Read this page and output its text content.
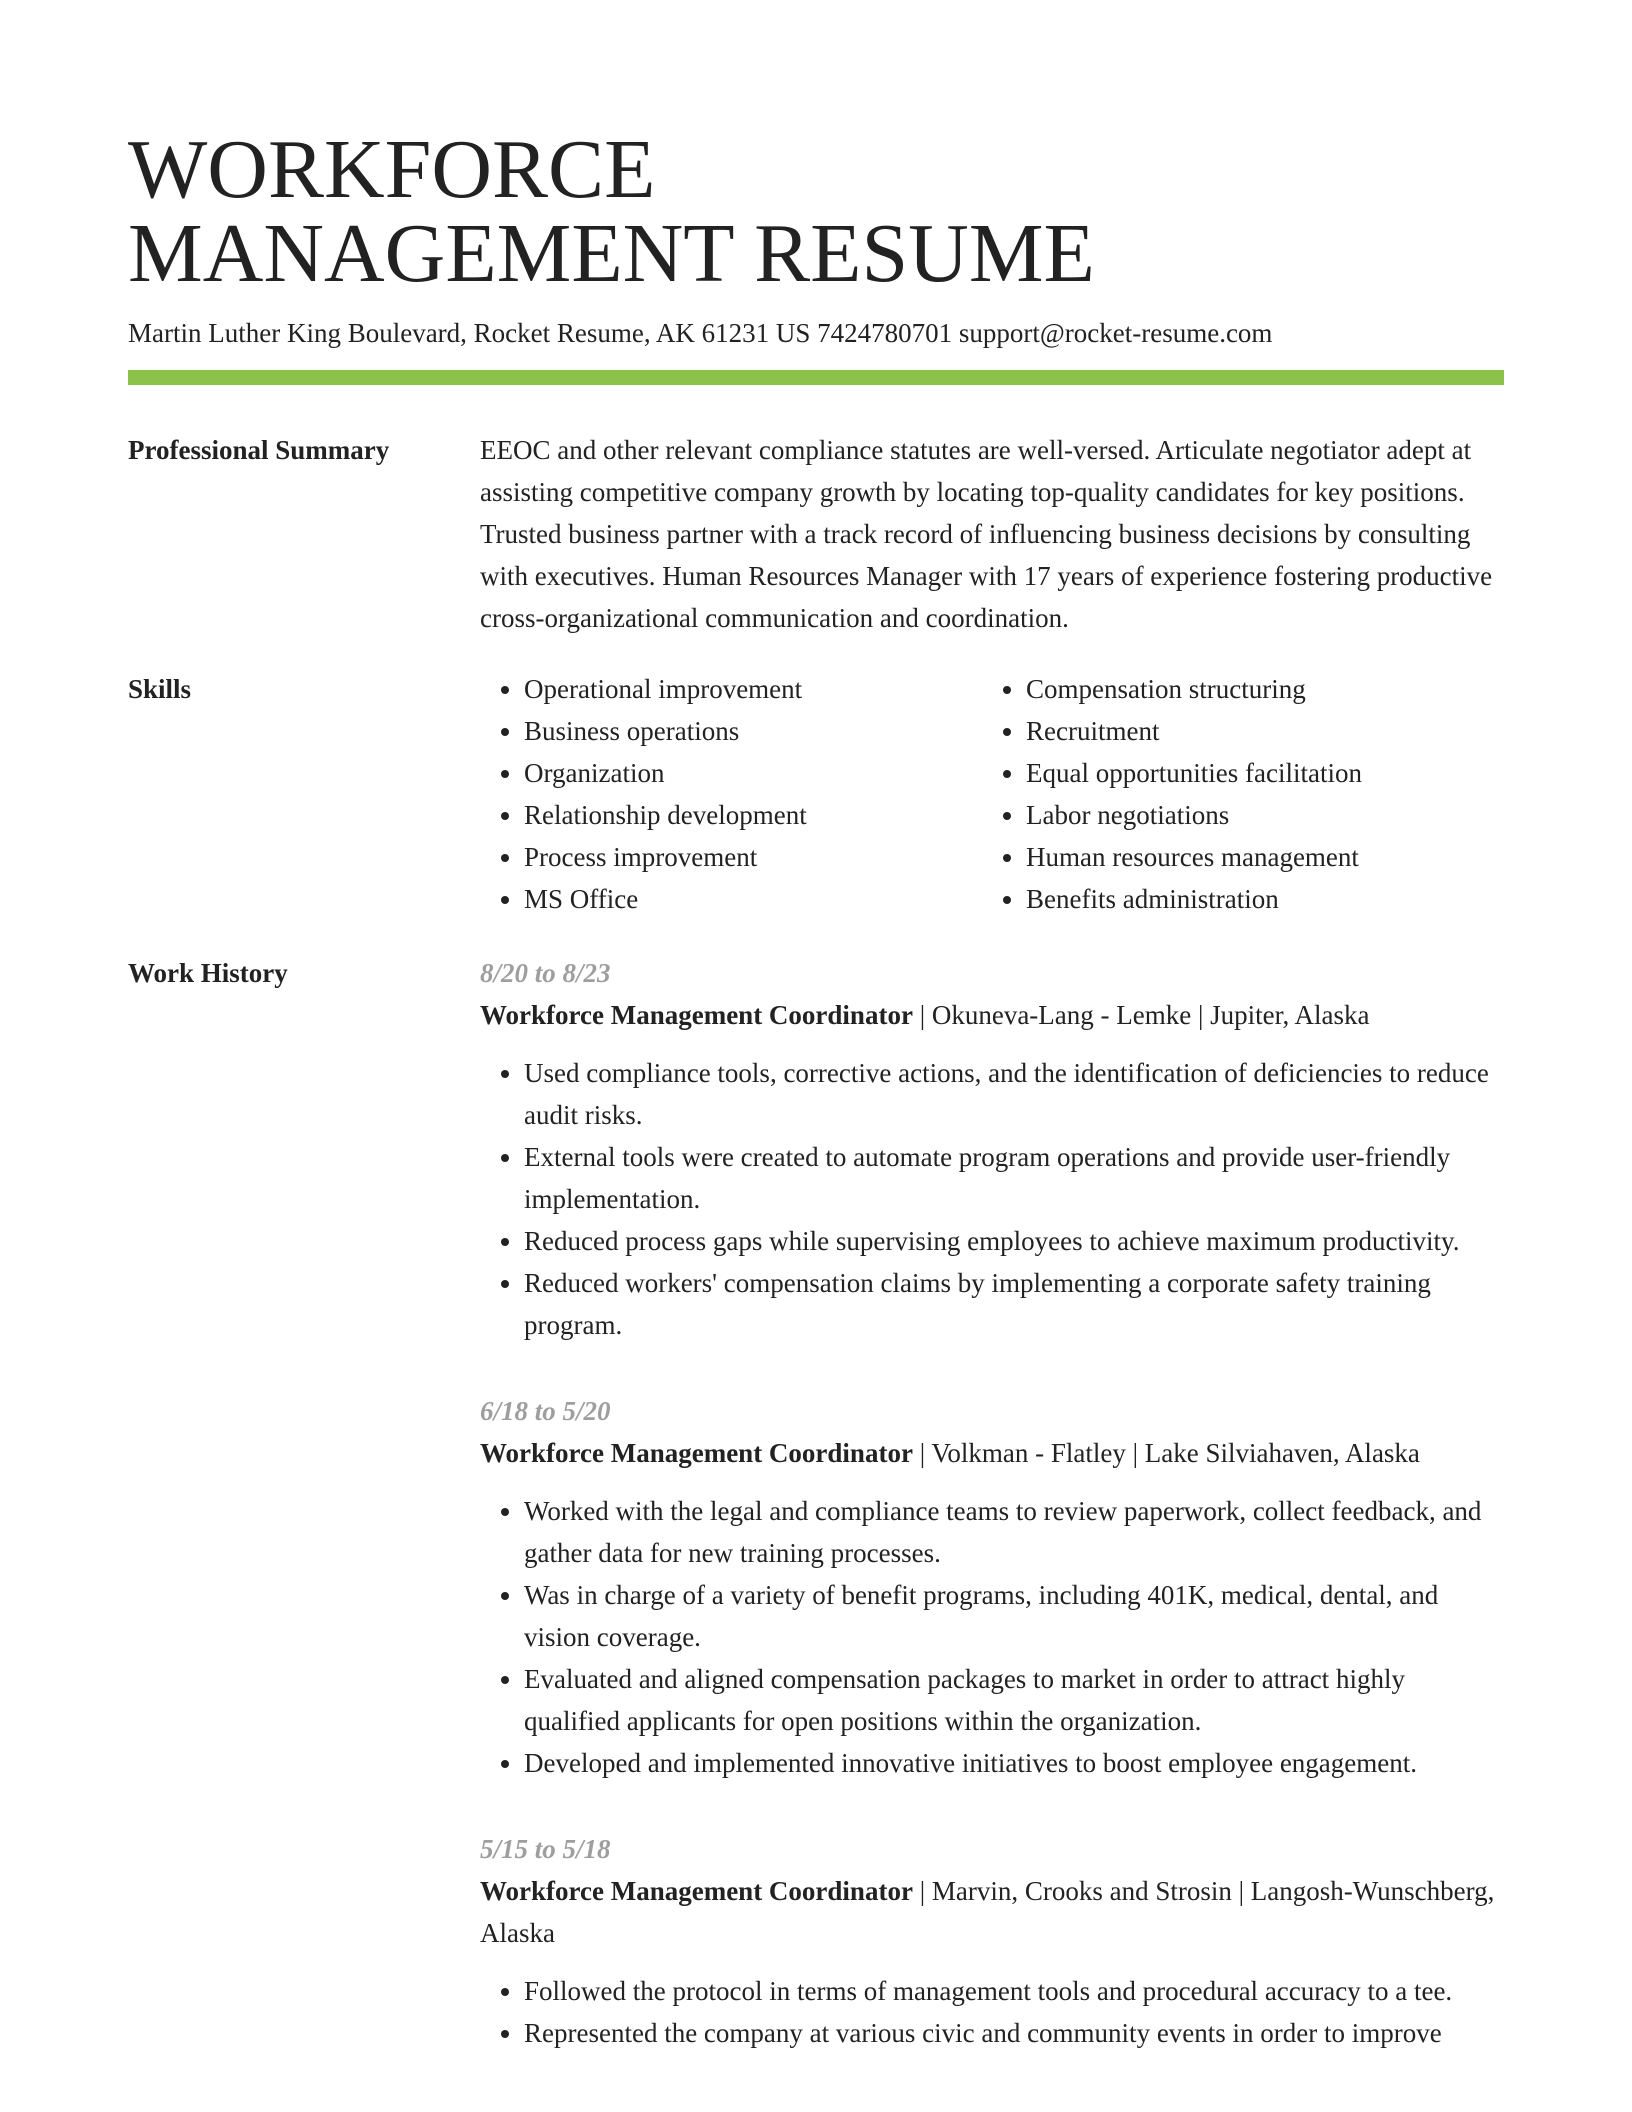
WORKFORCE
MANAGEMENT RESUME
Martin Luther King Boulevard, Rocket Resume, AK 61231 US 7424780701 support@rocket-resume.com
Professional Summary	EEOC and other relevant compliance statutes are well-versed. Articulate negotiator adept at assisting competitive company growth by locating top-quality candidates for key positions. Trusted business partner with a track record of influencing business decisions by consulting with executives. Human Resources Manager with 17 years of experience fostering productive cross-organizational communication and coordination.

Skills
•	Operational improvement
• Business operations
• Organization
• Relationship development
• Process improvement
• MS Office
• Compensation structuring
• Recruitment
• Equal opportunities facilitation
• Labor negotiations
• Human resources management
• Benefits administration
Work History	8/20 to 8/23
Workforce Management Coordinator | Okuneva-Lang - Lemke | Jupiter, Alaska
• Used compliance tools, corrective actions, and the identification of deficiencies to reduce audit risks.
• External tools were created to automate program operations and provide user-friendly implementation.
• Reduced process gaps while supervising employees to achieve maximum productivity.
• Reduced workers' compensation claims by implementing a corporate safety training program.
6/18 to 5/20
Workforce Management Coordinator | Volkman - Flatley | Lake Silviahaven, Alaska
• Worked with the legal and compliance teams to review paperwork, collect feedback, and gather data for new training processes.
• Was in charge of a variety of benefit programs, including 401K, medical, dental, and vision coverage.
• Evaluated and aligned compensation packages to market in order to attract highly qualified applicants for open positions within the organization.
• Developed and implemented innovative initiatives to boost employee engagement.
5/15 to 5/18
Workforce Management Coordinator | Marvin, Crooks and Strosin | Langosh-Wunschberg, Alaska
• Followed the protocol in terms of management tools and procedural accuracy to a tee.
• Represented the company at various civic and community events in order to improve
